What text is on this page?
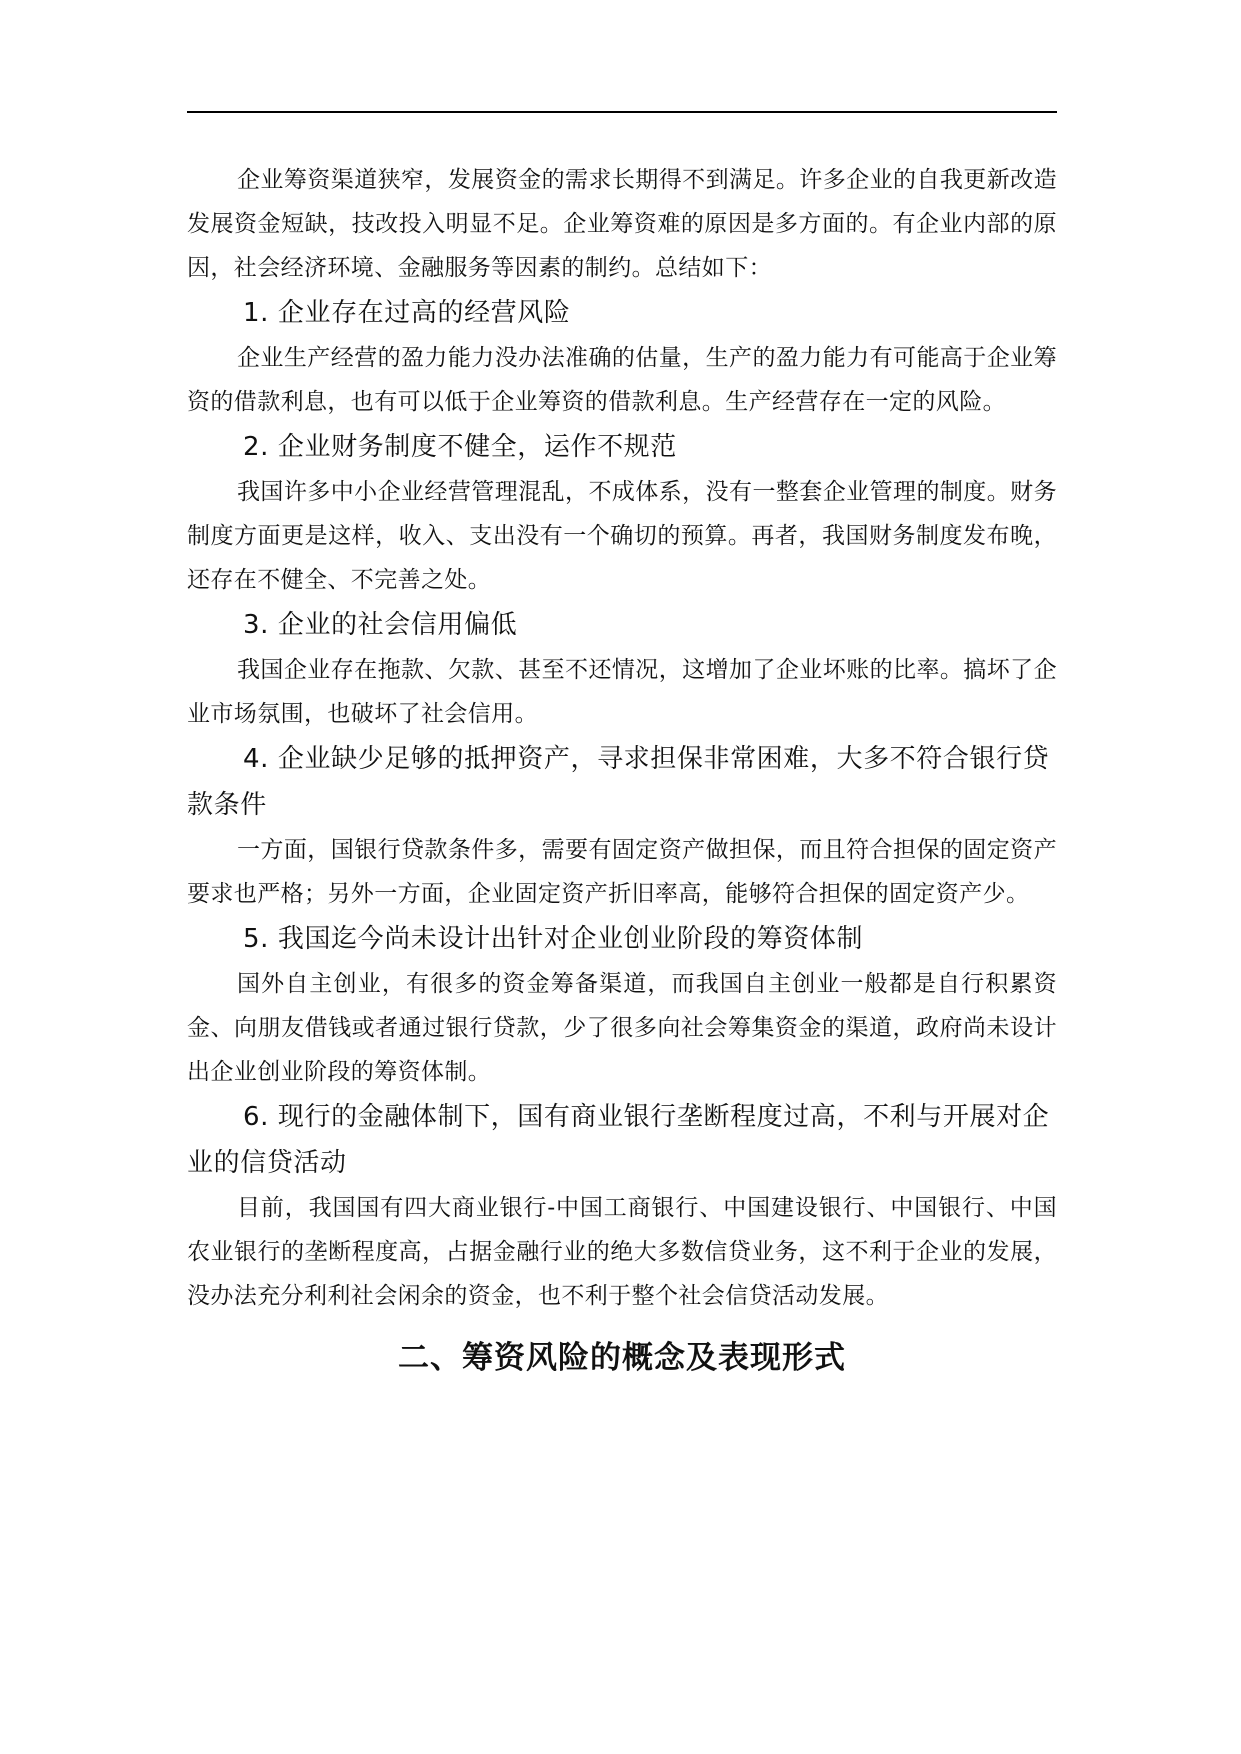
企业筹资渠道狭窄，发展资金的需求长期得不到满足。许多企业的自我更新改造发展资金短缺，技改投入明显不足。企业筹资难的原因是多方面的。有企业内部的原因，社会经济环境、金融服务等因素的制约。总结如下：

1. 企业存在过高的经营风险

企业生产经营的盈力能力没办法准确的估量，生产的盈力能力有可能高于企业筹资的借款利息，也有可以低于企业筹资的借款利息。生产经营存在一定的风险。

2. 企业财务制度不健全，运作不规范

我国许多中小企业经营管理混乱，不成体系，没有一整套企业管理的制度。财务制度方面更是这样，收入、支出没有一个确切的预算。再者，我国财务制度发布晚，还存在不健全、不完善之处。

3. 企业的社会信用偏低

我国企业存在拖款、欠款、甚至不还情况，这增加了企业坏账的比率。搞坏了企业市场氛围，也破坏了社会信用。

4. 企业缺少足够的抵押资产，寻求担保非常困难，大多不符合银行贷款条件

一方面，国银行贷款条件多，需要有固定资产做担保，而且符合担保的固定资产要求也严格；另外一方面，企业固定资产折旧率高，能够符合担保的固定资产少。

5. 我国迄今尚未设计出针对企业创业阶段的筹资体制

国外自主创业，有很多的资金筹备渠道，而我国自主创业一般都是自行积累资金、向朋友借钱或者通过银行贷款，少了很多向社会筹集资金的渠道，政府尚未设计出企业创业阶段的筹资体制。

6. 现行的金融体制下，国有商业银行垄断程度过高，不利与开展对企业的信贷活动

目前，我国国有四大商业银行-中国工商银行、中国建设银行、中国银行、中国农业银行的垄断程度高，占据金融行业的绝大多数信贷业务，这不利于企业的发展，没办法充分利利社会闲余的资金，也不利于整个社会信贷活动发展。

二、筹资风险的概念及表现形式
